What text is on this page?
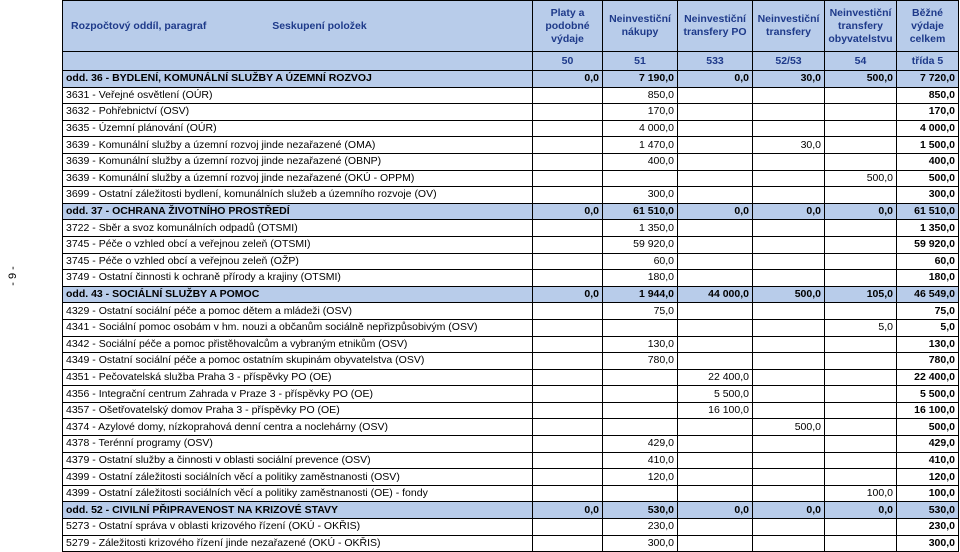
- 9 -
Rozpočtový oddíl, paragraf Seskupení položek	Platy a podobné výdaje	Neinvestiční nákupy	Neinvestiční transfery PO	Neinvestiční transfery	Neinvestiční transfery obyvatelstvu	Běžné výdaje celkem
	50	51	533	52/53	54	třída 5
odd. 36 - BYDLENÍ, KOMUNÁLNÍ SLUŽBY A ÚZEMNÍ ROZVOJ	0,0	7 190,0	0,0	30,0	500,0	7 720,0
3631 - Veřejné osvětlení (OÚR)		850,0				850,0
3632 - Pohřebnictví (OSV)		170,0				170,0
3635 - Územní plánování (OÚR)		4 000,0				4 000,0
3639 - Komunální služby a územní rozvoj jinde nezařazené (OMA)		1 470,0		30,0		1 500,0
3639 - Komunální služby a územní rozvoj jinde nezařazené (OBNP)		400,0				400,0
3639 - Komunální služby a územní rozvoj jinde nezařazené (OKÚ - OPPM)					500,0	500,0
3699 - Ostatní záležitosti bydlení, komunálních služeb a územního rozvoje (OV)		300,0				300,0
odd. 37 - OCHRANA ŽIVOTNÍHO PROSTŘEDÍ	0,0	61 510,0	0,0	0,0	0,0	61 510,0
3722 - Sběr a svoz komunálních odpadů (OTSMI)		1 350,0				1 350,0
3745 - Péče o vzhled obcí a veřejnou zeleň (OTSMI)		59 920,0				59 920,0
3745 - Péče o vzhled obcí a veřejnou zeleň (OŽP)		60,0				60,0
3749 - Ostatní činnosti k ochraně přírody a krajiny (OTSMI)		180,0				180,0
odd. 43 - SOCIÁLNÍ SLUŽBY A POMOC	0,0	1 944,0	44 000,0	500,0	105,0	46 549,0
4329 - Ostatní sociální péče a pomoc dětem a mládeži (OSV)		75,0				75,0
4341 - Sociální pomoc osobám v hm. nouzi a občanům sociálně nepřizpůsobivým (OSV)					5,0	5,0
4342 - Sociální péče a pomoc přistěhovalcům a vybraným etnikům (OSV)		130,0				130,0
4349 - Ostatní sociální péče a pomoc ostatním skupinám obyvatelstva (OSV)		780,0				780,0
4351 - Pečovatelská služba Praha 3 - příspěvky PO (OE)			22 400,0			22 400,0
4356 - Integrační centrum Zahrada v Praze 3 - příspěvky PO (OE)			5 500,0			5 500,0
4357 - Ošetřovatelský domov Praha 3 - příspěvky PO (OE)			16 100,0			16 100,0
4374 - Azylové domy, nízkoprahová denní centra a noclehárny (OSV)				500,0		500,0
4378 - Terénní programy (OSV)		429,0				429,0
4379 - Ostatní služby a činnosti v oblasti sociální prevence (OSV)		410,0				410,0
4399 - Ostatní záležitosti sociálních věcí a politiky zaměstnanosti (OSV)		120,0				120,0
4399 - Ostatní záležitosti sociálních věcí a politiky zaměstnanosti (OE) - fondy					100,0	100,0
odd. 52 - CIVILNÍ PŘIPRAVENOST NA KRIZOVÉ STAVY	0,0	530,0	0,0	0,0	0,0	530,0
5273 - Ostatní správa v oblasti krizového řízení (OKÚ - OKŘIS)		230,0				230,0
5279 - Záležitosti krizového řízení jinde nezařazené (OKÚ - OKŘIS)		300,0				300,0
